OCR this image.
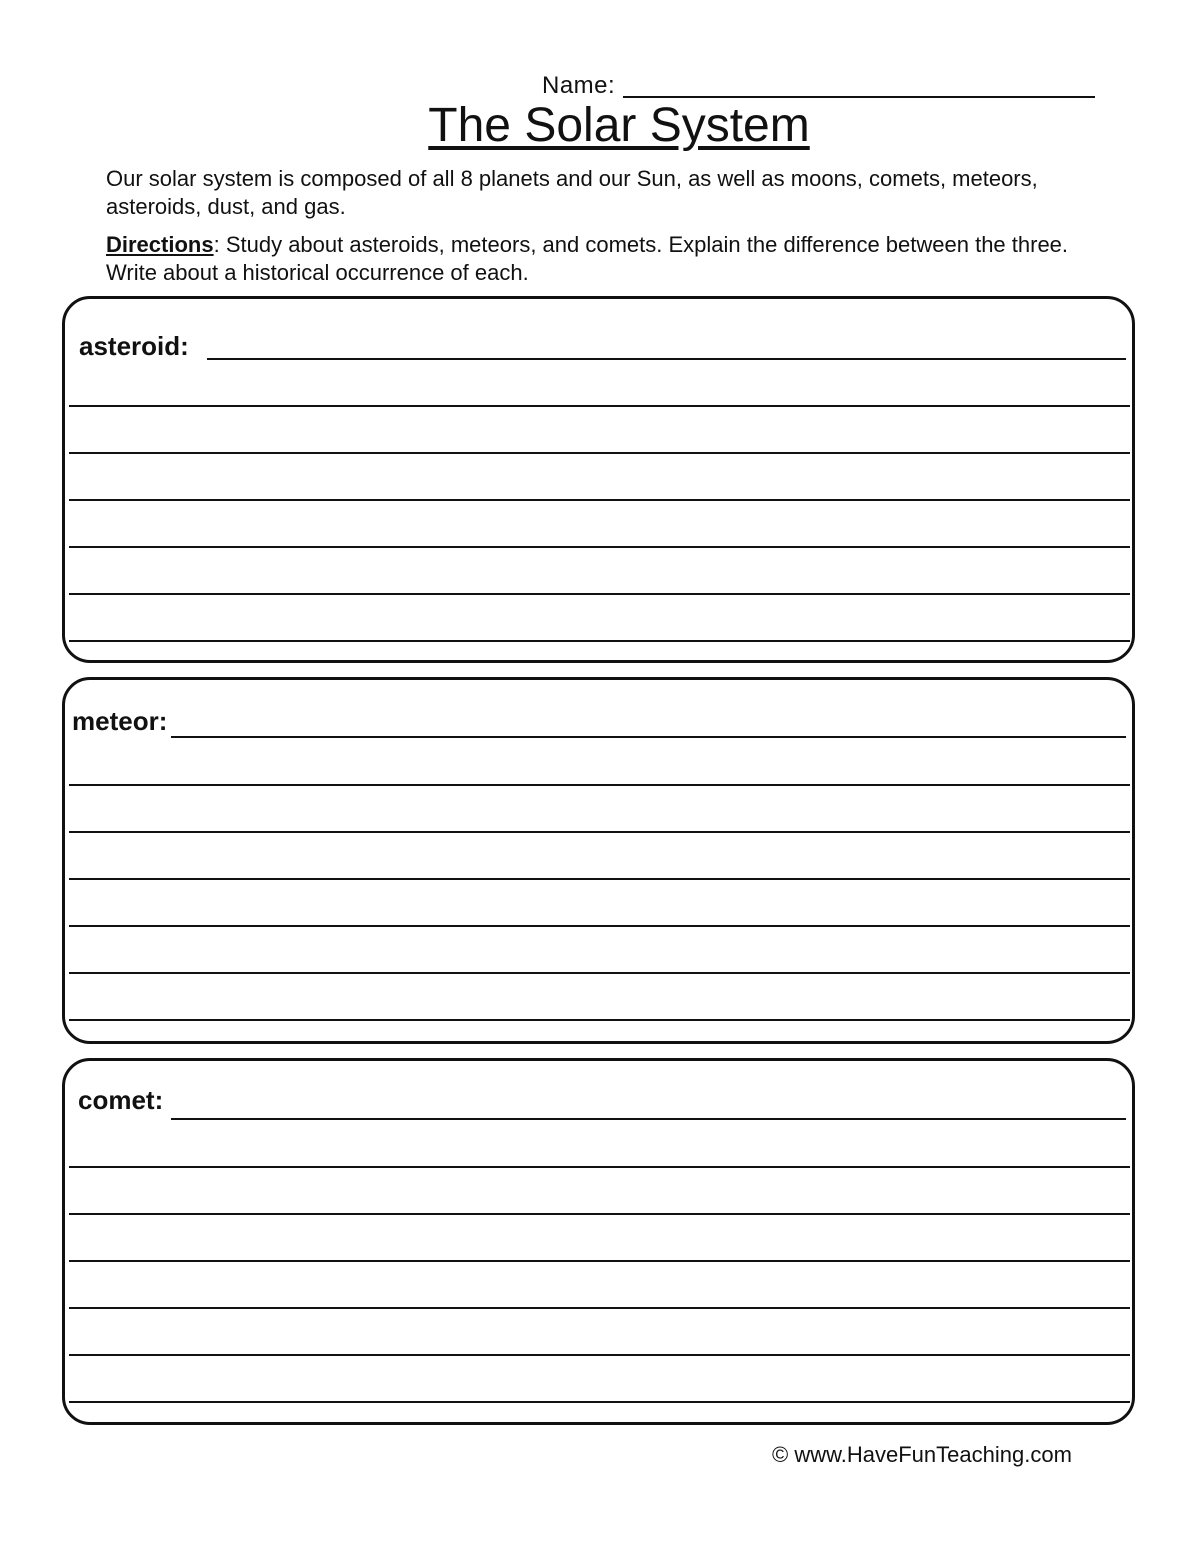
Name:
The Solar System
Our solar system is composed of all 8 planets and our Sun, as well as moons, comets, meteors, asteroids, dust, and gas.
Directions: Study about asteroids, meteors, and comets. Explain the difference between the three. Write about a historical occurrence of each.
asteroid:
meteor:
comet:
© www.HaveFunTeaching.com
